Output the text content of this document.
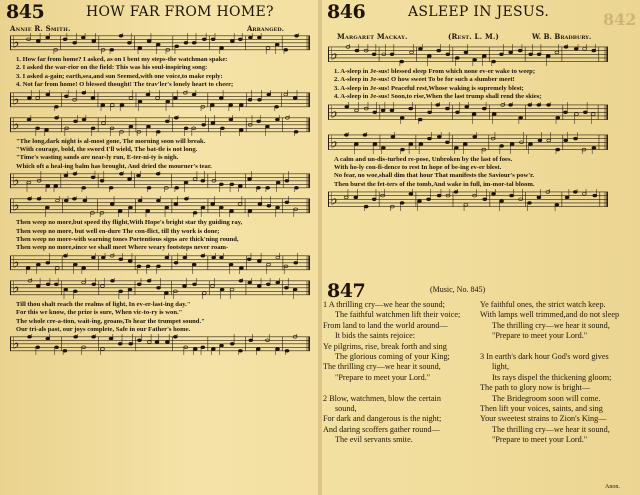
845	HOW FAR FROM HOME?
Annie R. Smith.	Arranged.
♭
1. How far from home? I asked, as on I bent my steps-the watchman spake:
2. I asked the war-rior on the field: This was his soul-inspiring song:
3. I asked a-gain; earth,sea,and sun Seemed,with one voice,to make reply:
4. Not far from home! O blessed thought! The trav'ler's lonely heart to cheer;
♭
♭
"The long,dark night is al-most gone, The morning soon will break.
"With courage, bold, the sword I'll wield, The bat-tle is not long.
"Time's wasting sands are near-ly run, E-ter-ni-ty is nigh.
Which oft a heal-ing balm has brought, And dried the mourner's tear.
♭
♭
Then weep no more,but speed thy flight,With Hope's bright star thy guiding ray,
Then weep no more, but well en-dure The con-flict, till thy work is done;
Then weep no more-with warning tones Portentious signs are thick'ning round,
Then weep no more,since we shall meet Where weary footsteps never roam-
♭
♭
Till thou shalt reach the realms of light, In ev-er-last-ing day."
For this we know, the prize is sure, When vic-to-ry is won."
The whole cre-a-tion, wait-ing, groans,To hear the trumpet sound."
Our tri-als past, our joys complete, Safe in our Father's home.
♭
846	ASLEEP IN JESUS.	842
Margaret Mackay.	(Rest. L. M.)	W. B. Bradbury.
♭
1. A-sleep in Je-sus! blessed sleep From which none ev-er wake to weep;
2. A-sleep in Je-sus! O how sweet To be for such a slumber meet!
3. A-sleep in Je-sus! Peaceful rest,Whose waking is supremely blest;
4. A-sleep in Je-sus! Soon,to rise,When the last trump shall rend the skies;
♭
♭
A calm and un-dis-turbed re-pose, Unbroken by the last of foes.
With ho-ly con-fi-dence to rest In hope of be-ing ev-er blest.
No fear, no woe,shall dim that hour That manifests the Saviour's pow'r.
Then burst the fet-ters of the tomb,And wake in full, im-mor-tal bloom.
♭
847	(Music, No. 845)
1 A thrilling cry—we hear the sound;
The faithful watchmen lift their voice;
From land to land the world around—
It bids the saints rejoice:
Ye pilgrims, rise, break forth and sing
The glorious coming of your King;
The thrilling cry—we hear it sound,
"Prepare to meet your Lord."

2 Blow, watchmen, blow the certain
sound,
For dark and dangerous is the night;
And daring scoffers gather round—
The evil servants smite.
Ye faithful ones, the strict watch keep.
With lamps well trimmed,and do not sleep
The thrilling cry—we hear it sound,
"Prepare to meet your Lord."

3 In earth's dark hour God's word gives
light,
Its rays dispel the thickening gloom;
The path to glory now is bright—
The Bridegroom soon will come.
Then lift your voices, saints, and sing
Your sweetest strains to Zion's King—
The thrilling cry—we hear it sound,
"Prepare to meet your Lord."
Anon.
